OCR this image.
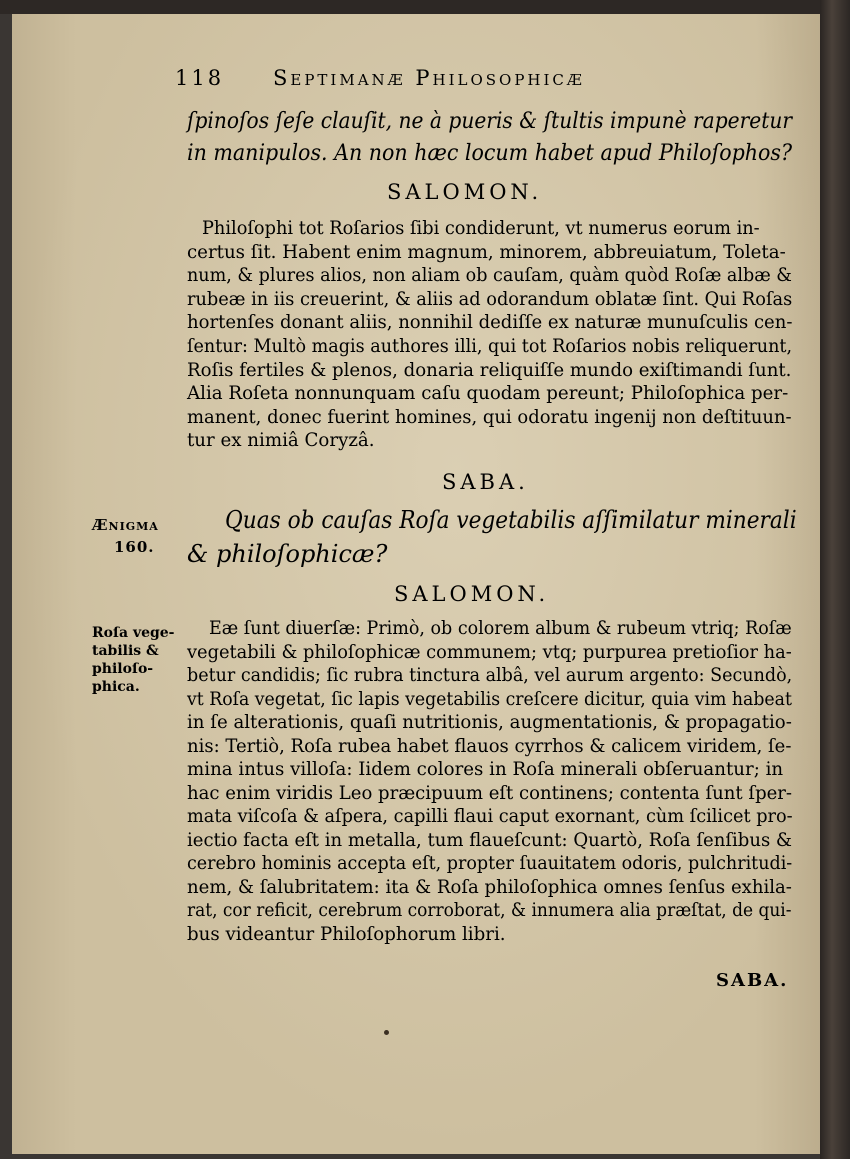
118 Septimanæ Philosophicæ
ſpinoſos ſeſe clauſit, ne à pueris & ſtultis impunè raperetur
in manipulos. An non hæc locum habet apud Philoſophos?
SALOMON.
Philoſophi tot Roſarios ſibi condiderunt, vt numerus eorum in-
certus ſit. Habent enim magnum, minorem, abbreuiatum, Toleta-
num, & plures alios, non aliam ob cauſam, quàm quòd Roſæ albæ &
rubeæ in iis creuerint, & aliis ad odorandum oblatæ ſint. Qui Roſas
hortenſes donant aliis, nonnihil dediſſe ex naturæ munuſculis cen-
ſentur: Multò magis authores illi, qui tot Roſarios nobis reliquerunt,
Roſis fertiles & plenos, donaria reliquiſſe mundo exiſtimandi ſunt.
Alia Roſeta nonnunquam caſu quodam pereunt; Philoſophica per-
manent, donec fuerint homines, qui odoratu ingenij non deſtituun-
tur ex nimiâ Coryzâ.
SABA.
Ænigma
160.
Quas ob cauſas Roſa vegetabilis aſſimilatur minerali
& philoſophicæ?
SALOMON.
Roſa vege-
tabilis &
philoſo-
phica.
Eæ ſunt diuerſæ: Primò, ob colorem album & rubeum vtriq; Roſæ
vegetabili & philoſophicæ communem; vtq; purpurea pretioſior ha-
betur candidis; ſic rubra tinctura albâ, vel aurum argento: Secundò,
vt Roſa vegetat, ſic lapis vegetabilis creſcere dicitur, quia vim habeat
in ſe alterationis, quaſi nutritionis, augmentationis, & propagatio-
nis: Tertiò, Roſa rubea habet flauos cyrrhos & calicem viridem, ſe-
mina intus villoſa: Iidem colores in Roſa minerali obſeruantur; in
hac enim viridis Leo præcipuum eſt continens; contenta ſunt ſper-
mata viſcoſa & aſpera, capilli flaui caput exornant, cùm ſcilicet pro-
iectio facta eſt in metalla, tum flaueſcunt: Quartò, Roſa ſenſibus &
cerebro hominis accepta eſt, propter ſuauitatem odoris, pulchritudi-
nem, & ſalubritatem: ita & Roſa philoſophica omnes ſenſus exhila-
rat, cor reficit, cerebrum corroborat, & innumera alia præſtat, de qui-
bus videantur Philoſophorum libri.
SABA.
